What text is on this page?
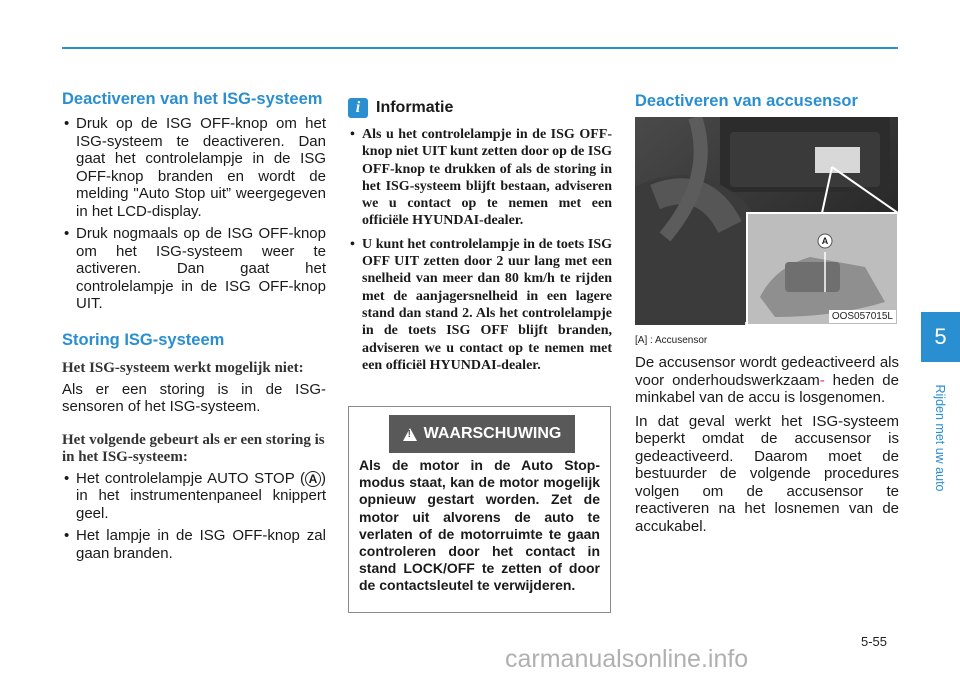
Deactiveren van het ISG-systeem
• Druk op de ISG OFF-knop om het ISG-systeem te deactiveren. Dan gaat het controlelampje in de ISG OFF-knop branden en wordt de melding "Auto Stop uit” weergegeven in het LCD-display.
• Druk nogmaals op de ISG OFF-knop om het ISG-systeem weer te activeren. Dan gaat het controlelampje in de ISG OFF-knop UIT.
Storing ISG-systeem
Het ISG-systeem werkt mogelijk niet:

Als er een storing is in de ISG-sensoren of het ISG-systeem.

Het volgende gebeurt als er een storing is in het ISG-systeem:
• Het controlelampje AUTO STOP ( A ) in het instrumentenpaneel knippert geel.
• Het lampje in de ISG OFF-knop zal gaan branden.
i Informatie
• Als u het controlelampje in de ISG OFF-knop niet UIT kunt zetten door op de ISG OFF-knop te drukken of als de storing in het ISG-systeem blijft bestaan, adviseren we u contact op te nemen met een officiële HYUNDAI-dealer.
• U kunt het controlelampje in de toets ISG OFF UIT zetten door 2 uur lang met een snelheid van meer dan 80 km/h te rijden met de aanjagersnelheid in een lagere stand dan stand 2. Als het controlelampje in de toets ISG OFF blijft branden, adviseren we u contact op te nemen met een officiël HYUNDAI-dealer.
! WAARSCHUWING
Als de motor in de Auto Stop-modus staat, kan de motor mogelijk opnieuw gestart worden. Zet de motor uit alvorens de auto te verlaten of de motorruimte te gaan controleren door het contact in stand LOCK/OFF te zetten of door de contactsleutel te verwijderen.
Deactiveren van accusensor
A
OOS057015L
[A] : Accusensor

De accusensor wordt gedeactiveerd als voor onderhoudswerkzaam- heden de minkabel van de accu is losgenomen.

In dat geval werkt het ISG-systeem beperkt omdat de accusensor is gedeactiveerd. Daarom moet de bestuurder de volgende procedures volgen om de accusensor te reactiveren na het losnemen van de accukabel.

5
Rijden met uw auto
5-55
carmanualsonline.info
